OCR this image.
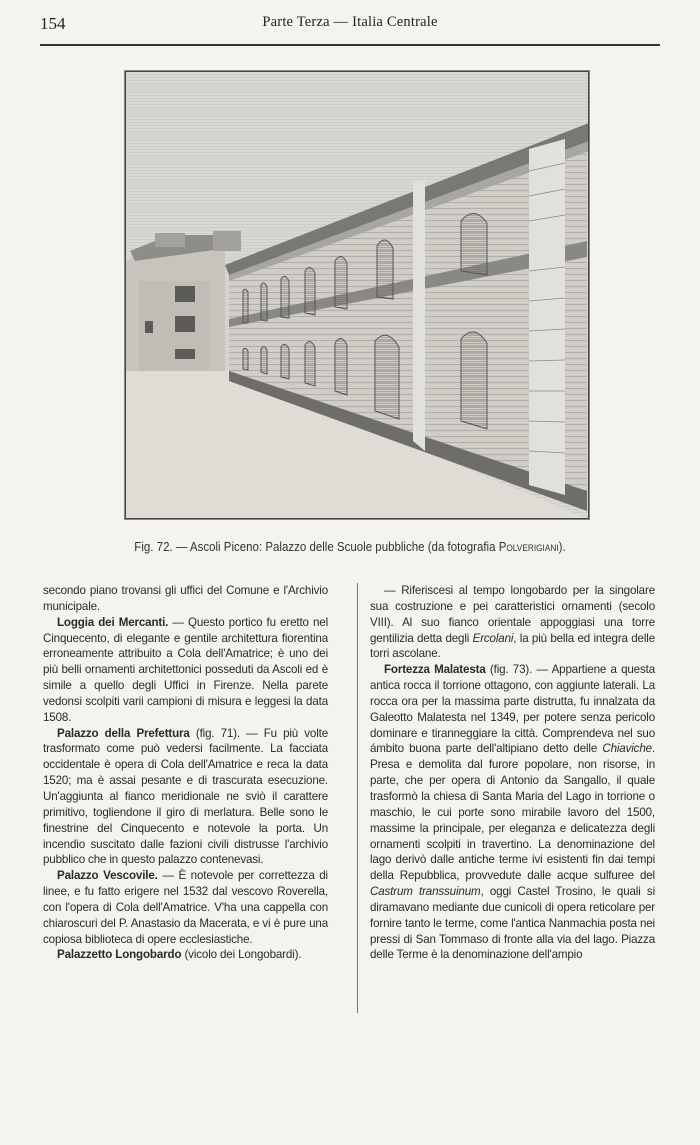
154	Parte Terza — Italia Centrale
Fig. 72. — Ascoli Piceno: Palazzo delle Scuole pubbliche (da fotografia Polverigiani).

secondo piano trovansi gli uffici del Comune e l'Archivio municipale.

Loggia dei Mercanti. — Questo portico fu eretto nel Cinquecento, di elegante e gentile architettura fiorentina erroneamente attribuito a Cola dell'Amatrice; è uno dei più belli ornamenti architettonici posseduti da Ascoli ed è simile a quello degli Uffici in Firenze. Nella parete vedonsi scolpiti varii campioni di misura e leggesi la data 1508.

Palazzo della Prefettura (fig. 71). — Fu più volte trasformato come può vedersi facilmente. La facciata occidentale è opera di Cola dell'Amatrice e reca la data 1520; ma è assai pesante e di trascurata esecuzione. Un'aggiunta al fianco meridionale ne sviò il carattere primitivo, togliendone il giro di merlatura. Belle sono le finestrine del Cinquecento e notevole la porta. Un incendio suscitato dalle fazioni civili distrusse l'archivio pubblico che in questo palazzo contenevasi.

Palazzo Vescovile. — È notevole per correttezza di linee, e fu fatto erigere nel 1532 dal vescovo Roverella, con l'opera di Cola dell'Amatrice. V'ha una cappella con chiaroscuri del P. Anastasio da Macerata, e vi è pure una copiosa biblioteca di opere ecclesiastiche.

Palazzetto Longobardo (vicolo dei Longobardi).

— Riferiscesi al tempo longobardo per la singolare sua costruzione e pei caratteristici ornamenti (secolo VIII). Al suo fianco orientale appoggiasi una torre gentilizia detta degli Ercolani, la più bella ed integra delle torri ascolane.

Fortezza Malatesta (fig. 73). — Appartiene a questa antica rocca il torrione ottagono, con aggiunte laterali. La rocca ora per la massima parte distrutta, fu innalzata da Galeotto Malatesta nel 1349, per potere senza pericolo dominare e tiranneggiare la città. Comprendeva nel suo ámbito buona parte dell'altipiano detto delle Chiaviche. Presa e demolita dal furore popolare, non risorse, in parte, che per opera di Antonio da Sangallo, il quale trasformò la chiesa di Santa Maria del Lago in torrione o maschio, le cui porte sono mirabile lavoro del 1500, massime la principale, per eleganza e delicatezza degli ornamenti scolpiti in travertino. La denominazione del lago derivò dalle antiche terme ivi esistenti fin dai tempi della Repubblica, provvedute dalle acque sulfuree del Castrum transsuinum, oggi Castel Trosino, le quali si diramavano mediante due cunicoli di opera reticolare per fornire tanto le terme, come l'antica Nanmachia posta nei pressi di San Tommaso di fronte alla via del lago. Piazza delle Terme è la denominazione dell'ampio
